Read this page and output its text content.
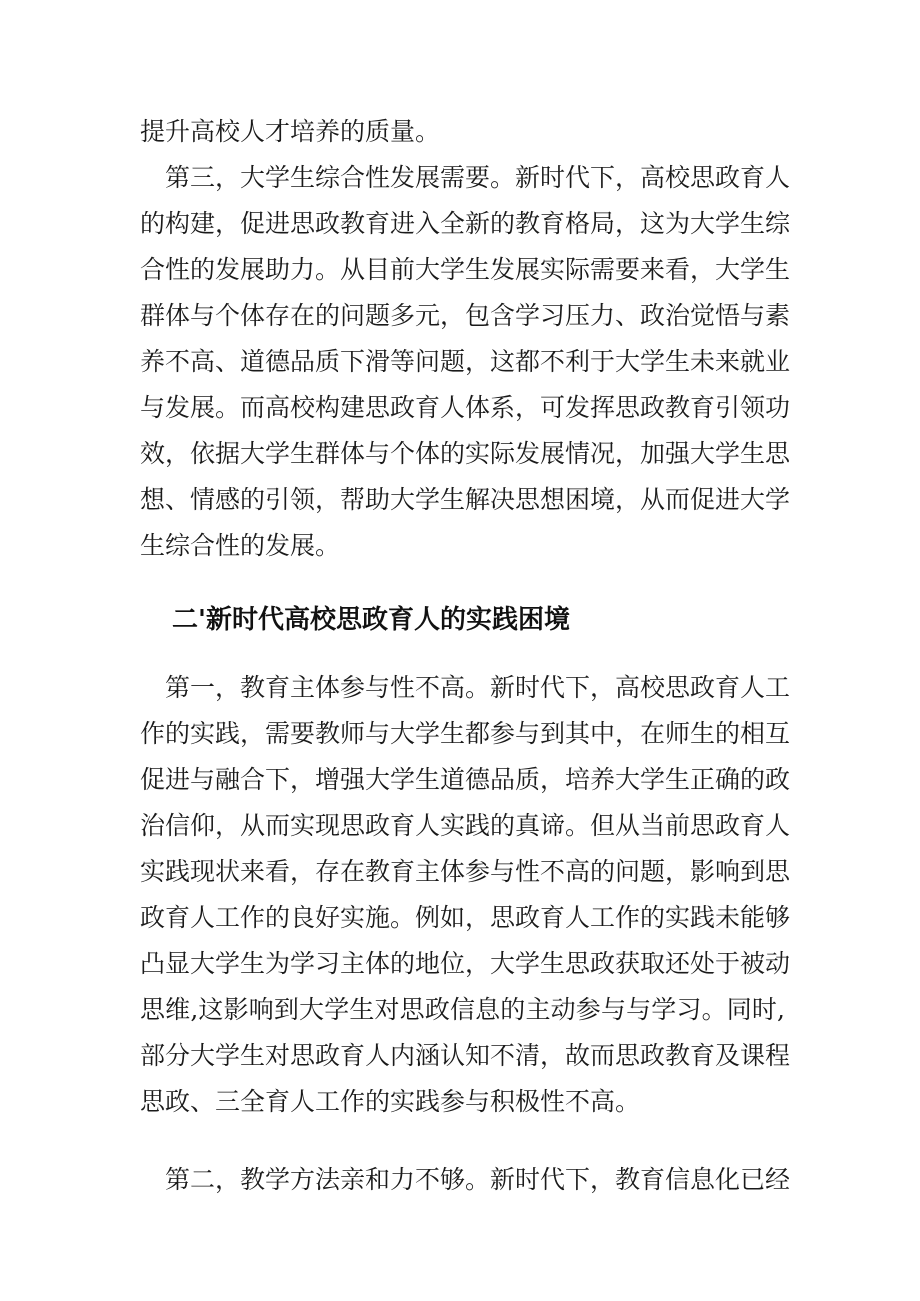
提升高校人才培养的质量。
　第三，大学生综合性发展需要。新时代下，高校思政育人
的构建，促进思政教育进入全新的教育格局，这为大学生综
合性的发展助力。从目前大学生发展实际需要来看，大学生
群体与个体存在的问题多元，包含学习压力、政治觉悟与素
养不高、道德品质下滑等问题，这都不利于大学生未来就业
与发展。而高校构建思政育人体系，可发挥思政教育引领功
效，依据大学生群体与个体的实际发展情况，加强大学生思
想、情感的引领，帮助大学生解决思想困境，从而促进大学
生综合性的发展。
二'新时代高校思政育人的实践困境
　第一，教育主体参与性不高。新时代下，高校思政育人工
作的实践，需要教师与大学生都参与到其中，在师生的相互
促进与融合下，增强大学生道德品质，培养大学生正确的政
治信仰，从而实现思政育人实践的真谛。但从当前思政育人
实践现状来看，存在教育主体参与性不高的问题，影响到思
政育人工作的良好实施。例如，思政育人工作的实践未能够
凸显大学生为学习主体的地位，大学生思政获取还处于被动
思维,这影响到大学生对思政信息的主动参与与学习。同时,
部分大学生对思政育人内涵认知不清，故而思政教育及课程
思政、三全育人工作的实践参与积极性不高。
　第二，教学方法亲和力不够。新时代下，教育信息化已经
